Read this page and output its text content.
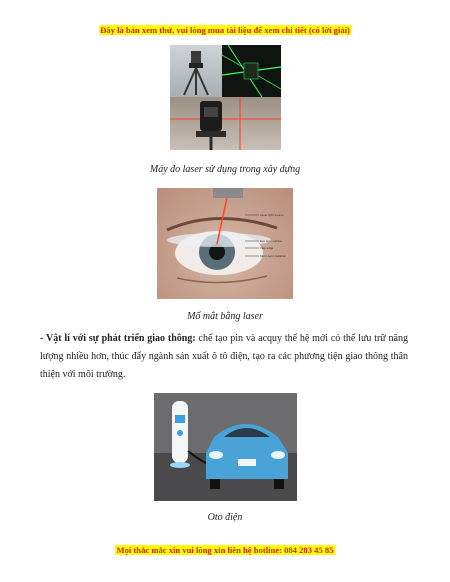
Đây là bản xem thử, vui lòng mua tài liệu để xem chi tiết (có lời giải)
Máy đo laser sử dụng trong xây dựng
Laser light source
Eye lens surface
Flap edge
Micro-lens radiation
Mổ mắt bằng laser
- Vật lí với sự phát triển giao thông: chế tạo pin và acquy thế hệ mới có thể lưu trữ năng lượng nhiều hơn, thúc đẩy ngành sản xuất ô tô điện, tạo ra các phương tiện giao thông thân thiện với môi trường.
Oto điện
Mọi thắc mắc xin vui lòng xin liên hệ hotline: 084 283 45 85
